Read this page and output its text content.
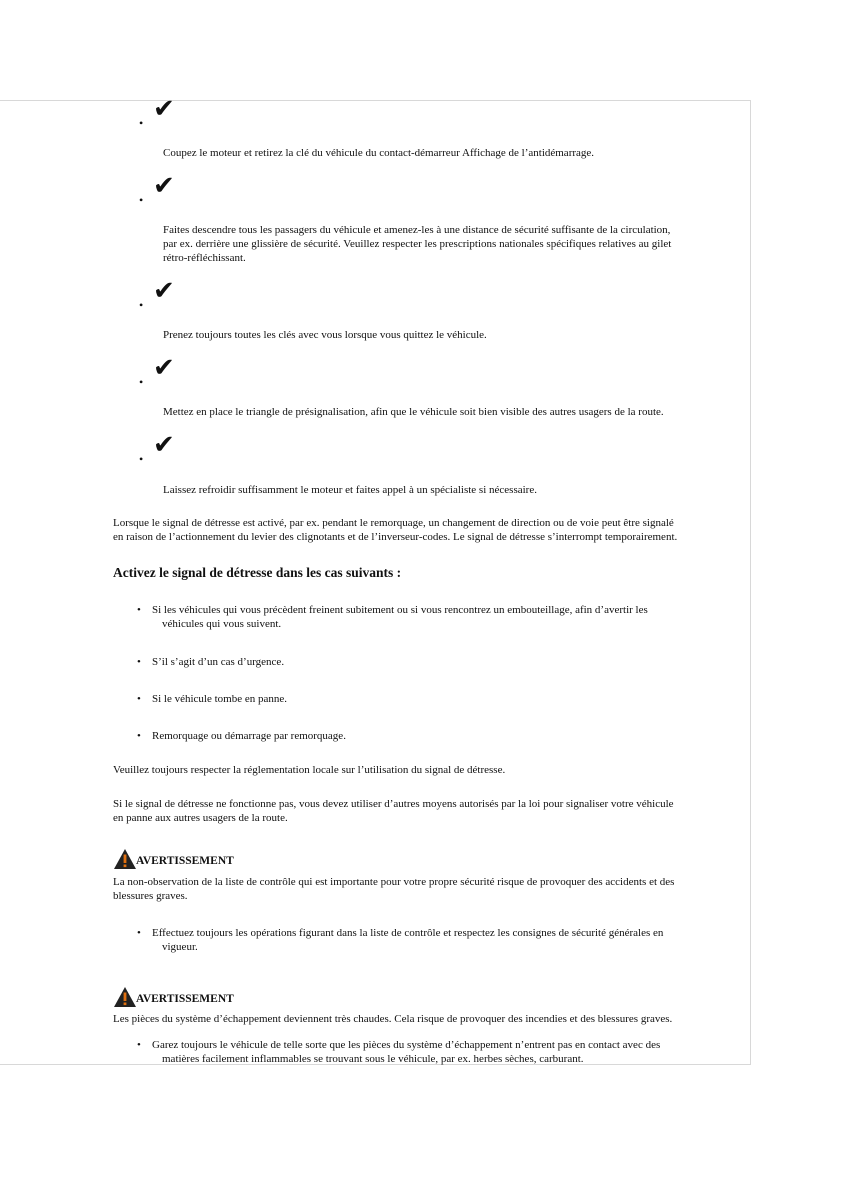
• ✔
Coupez le moteur et retirez la clé du véhicule du contact-démarreur Affichage de l’antidémarrage.
• ✔
Faites descendre tous les passagers du véhicule et amenez-les à une distance de sécurité suffisante de la circulation,
par ex. derrière une glissière de sécurité. Veuillez respecter les prescriptions nationales spécifiques relatives au gilet
rétro-réfléchissant.
• ✔
Prenez toujours toutes les clés avec vous lorsque vous quittez le véhicule.
• ✔
Mettez en place le triangle de présignalisation, afin que le véhicule soit bien visible des autres usagers de la route.
• ✔
Laissez refroidir suffisamment le moteur et faites appel à un spécialiste si nécessaire.
Lorsque le signal de détresse est activé, par ex. pendant le remorquage, un changement de direction ou de voie peut être signalé
en raison de l’actionnement du levier des clignotants et de l’inverseur-codes. Le signal de détresse s’interrompt temporairement.
Activez le signal de détresse dans les cas suivants :
•	Si les véhicules qui vous précèdent freinent subitement ou si vous rencontrez un embouteillage, afin d’avertir les
véhicules qui vous suivent.
•	S’il s’agit d’un cas d’urgence.
•	Si le véhicule tombe en panne.
•	Remorquage ou démarrage par remorquage.
Veuillez toujours respecter la réglementation locale sur l’utilisation du signal de détresse.
Si le signal de détresse ne fonctionne pas, vous devez utiliser d’autres moyens autorisés par la loi pour signaliser votre véhicule
en panne aux autres usagers de la route.
AVERTISSEMENT
La non-observation de la liste de contrôle qui est importante pour votre propre sécurité risque de provoquer des accidents et des
blessures graves.
•	Effectuez toujours les opérations figurant dans la liste de contrôle et respectez les consignes de sécurité générales en
vigueur.
AVERTISSEMENT
Les pièces du système d’échappement deviennent très chaudes. Cela risque de provoquer des incendies et des blessures graves.
•	Garez toujours le véhicule de telle sorte que les pièces du système d’échappement n’entrent pas en contact avec des
matières facilement inflammables se trouvant sous le véhicule, par ex. herbes sèches, carburant.
